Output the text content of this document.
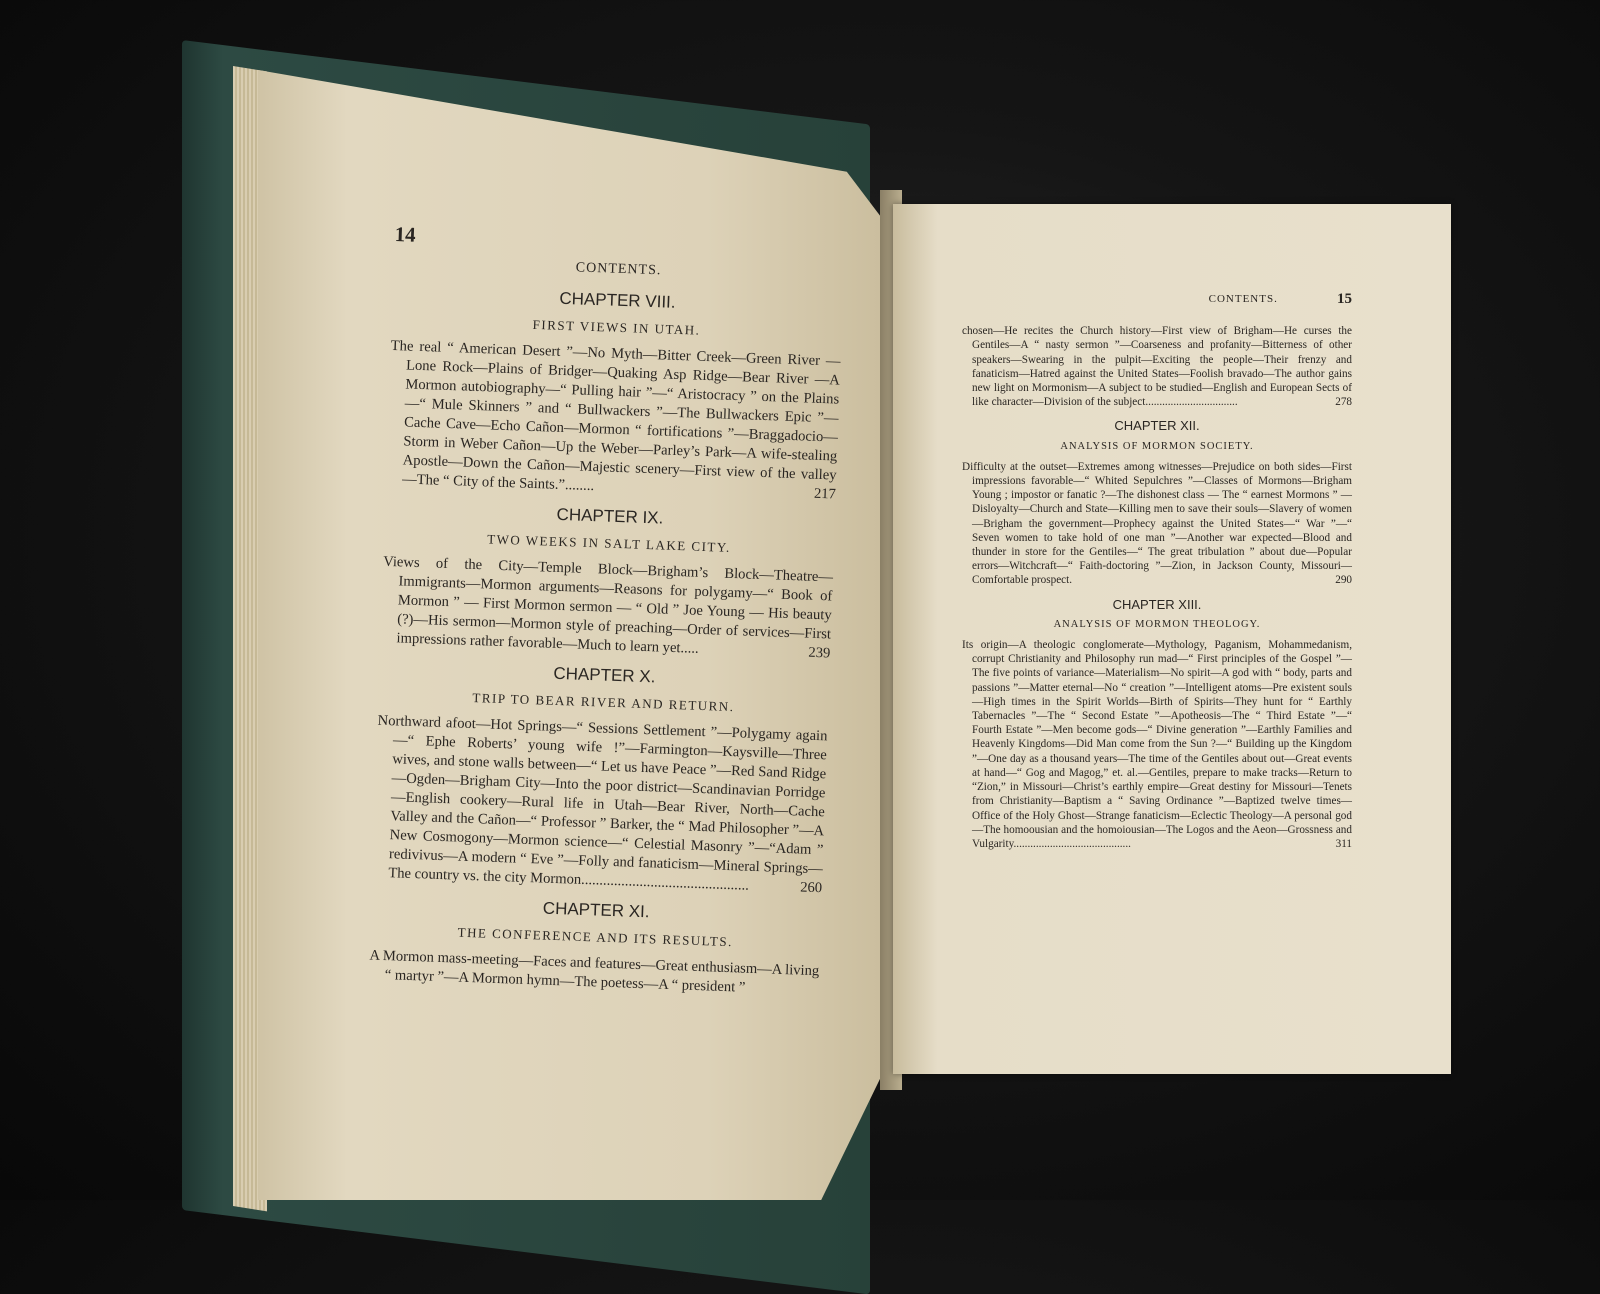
14
CONTENTS.
CHAPTER VIII.
FIRST VIEWS IN UTAH.

The real “ American Desert ”—No Myth—Bitter Creek—Green River —Lone Rock—Plains of Bridger—Quaking Asp Ridge—Bear River —A Mormon autobiography—“ Pulling hair ”—“ Aristocracy ” on the Plains—“ Mule Skinners ” and “ Bullwackers ”—The Bullwackers Epic ”—Cache Cave—Echo Cañon—Mormon “ fortifications ”—Braggadocio—Storm in Weber Cañon—Up the Weber—Parley’s Park—A wife-stealing Apostle—Down the Cañon—Majestic scenery—First view of the valley—The “ City of the Saints.”........
217

CHAPTER IX.
TWO WEEKS IN SALT LAKE CITY.

Views of the City—Temple Block—Brigham’s Block—Theatre—Immigrants—Mormon arguments—Reasons for polygamy—“ Book of Mormon ” — First Mormon sermon — “ Old ” Joe Young — His beauty (?)—His sermon—Mormon style of preaching—Order of services—First impressions rather favorable—Much to learn yet.....	239

CHAPTER X.
TRIP TO BEAR RIVER AND RETURN.

Northward afoot—Hot Springs—“ Sessions Settlement ”—Polygamy again—“ Ephe Roberts’ young wife !”—Farmington—Kaysville—Three wives, and stone walls between—“ Let us have Peace ”—Red Sand Ridge—Ogden—Brigham City—Into the poor district—Scandinavian Porridge—English cookery—Rural life in Utah—Bear River, North—Cache Valley and the Cañon—“ Professor ” Barker, the “ Mad Philosopher ”—A New Cosmogony—Mormon science—“ Celestial Masonry ”—“Adam ” redivivus—A modern “ Eve ”—Folly and fanaticism—Mineral Springs—The country vs. the city Mormon..............................................	260

CHAPTER XI.
THE CONFERENCE AND ITS RESULTS.

A Mormon mass-meeting—Faces and features—Great enthusiasm—A living “ martyr ”—A Mormon hymn—The poetess—A “ president ”

CONTENTS.	15

chosen—He recites the Church history—First view of Brigham—He curses the Gentiles—A “ nasty sermon ”—Coarseness and profanity—Bitterness of other speakers—Swearing in the pulpit—Exciting the people—Their frenzy and fanaticism—Hatred against the United States—Foolish bravado—The author gains new light on Mormonism—A subject to be studied—English and European Sects of like character—Division of the subject.................................	278

CHAPTER XII.
ANALYSIS OF MORMON SOCIETY.

Difficulty at the outset—Extremes among witnesses—Prejudice on both sides—First impressions favorable—“ Whited Sepulchres ”—Classes of Mormons—Brigham Young ; impostor or fanatic ?—The dishonest class — The “ earnest Mormons ” — Disloyalty—Church and State—Killing men to save their souls—Slavery of women—Brigham the government—Prophecy against the United States—“ War ”—“ Seven women to take hold of one man ”—Another war expected—Blood and thunder in store for the Gentiles—“ The great tribulation ” about due—Popular errors—Witchcraft—“ Faith-doctoring ”—Zion, in Jackson County, Missouri—Comfortable prospect.	290

CHAPTER XIII.
ANALYSIS OF MORMON THEOLOGY.

Its origin—A theologic conglomerate—Mythology, Paganism, Mohammedanism, corrupt Christianity and Philosophy run mad—“ First principles of the Gospel ”—The five points of variance—Materialism—No spirit—A god with “ body, parts and passions ”—Matter eternal—No “ creation ”—Intelligent atoms—Pre existent souls—High times in the Spirit Worlds—Birth of Spirits—They hunt for “ Earthly Tabernacles ”—The “ Second Estate ”—Apotheosis—The “ Third Estate ”—“ Fourth Estate ”—Men become gods—“ Divine generation ”—Earthly Families and Heavenly Kingdoms—Did Man come from the Sun ?—“ Building up the Kingdom ”—One day as a thousand years—The time of the Gentiles about out—Great events at hand—“ Gog and Magog,” et. al.—Gentiles, prepare to make tracks—Return to “Zion,” in Missouri—Christ’s earthly empire—Great destiny for Missouri—Tenets from Christianity—Baptism a “ Saving Ordinance ”—Baptized twelve times—Office of the Holy Ghost—Strange fanaticism—Eclectic Theology—A personal god—The homoousian and the homoiousian—The Logos and the Aeon—Grossness and Vulgarity..........................................	311
